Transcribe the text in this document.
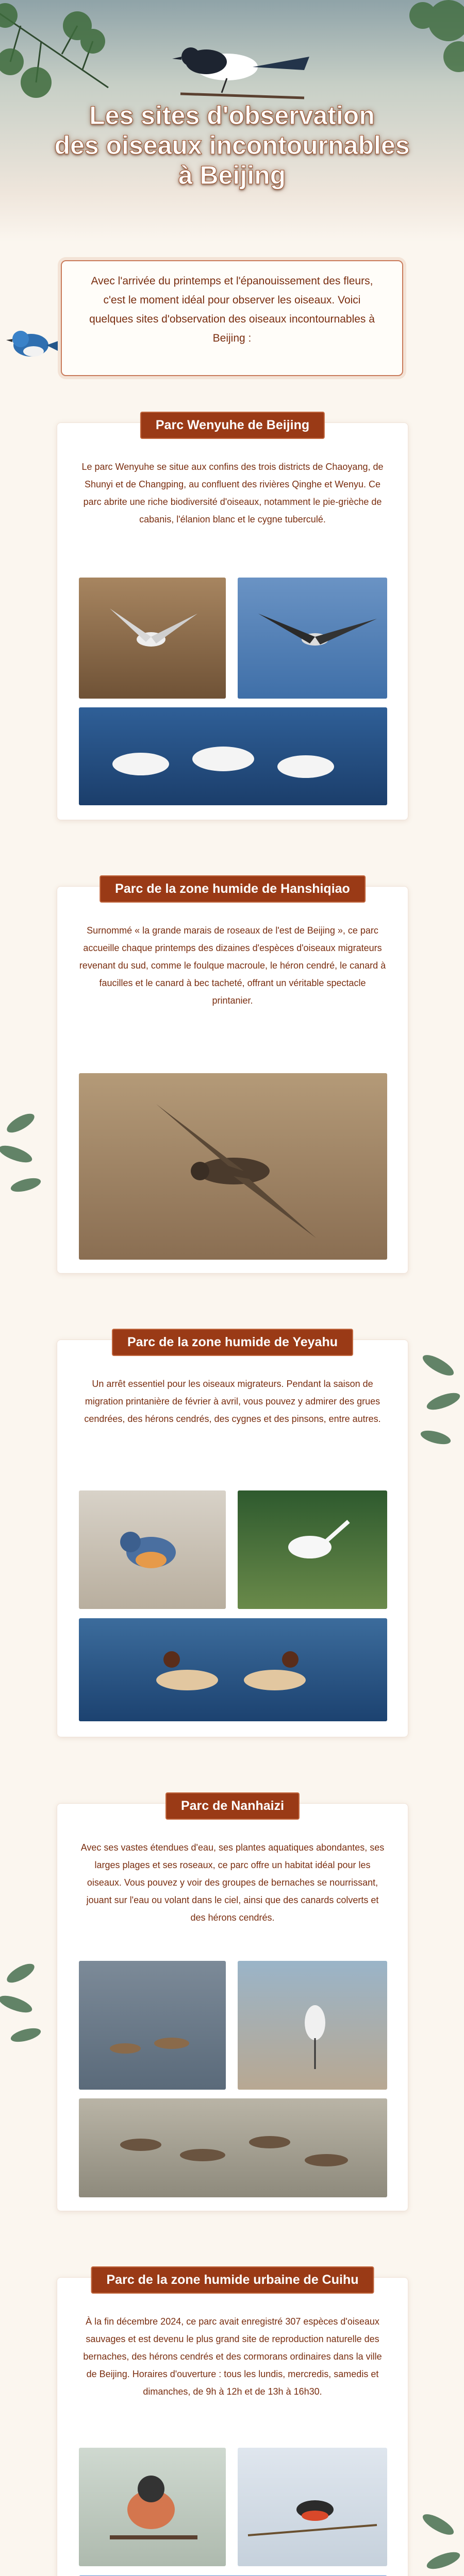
Les sites d'observation
des oiseaux incontournables
à Beijing
Avec l'arrivée du printemps et l'épanouissement des fleurs, c'est le moment idéal pour observer les oiseaux. Voici quelques sites d'observation des oiseaux incontournables à Beijing :
Parc Wenyuhe de Beijing
Le parc Wenyuhe se situe aux confins des trois districts de Chaoyang, de Shunyi et de Changping, au confluent des rivières Qinghe et Wenyu. Ce parc abrite une riche biodiversité d'oiseaux, notamment le pie-grièche de cabanis, l'élanion blanc et le cygne tuberculé.
Parc de la zone humide de Hanshiqiao
Surnommé « la grande marais de roseaux de l'est de Beijing », ce parc accueille chaque printemps des dizaines d'espèces d'oiseaux migrateurs revenant du sud, comme le foulque macroule, le héron cendré, le canard à faucilles et le canard à bec tacheté, offrant un véritable spectacle printanier.
Parc de la zone humide de Yeyahu
Un arrêt essentiel pour les oiseaux migrateurs. Pendant la saison de migration printanière de février à avril, vous pouvez y admirer des grues cendrées, des hérons cendrés, des cygnes et des pinsons, entre autres.
Parc de Nanhaizi
Avec ses vastes étendues d'eau, ses plantes aquatiques abondantes, ses larges plages et ses roseaux, ce parc offre un habitat idéal pour les oiseaux. Vous pouvez y voir des groupes de bernaches se nourrissant, jouant sur l'eau ou volant dans le ciel, ainsi que des canards colverts et des hérons cendrés.
Parc de la zone humide urbaine de Cuihu
À la fin décembre 2024, ce parc avait enregistré 307 espèces d'oiseaux sauvages et est devenu le plus grand site de reproduction naturelle des bernaches, des hérons cendrés et des cormorans ordinaires dans la ville de Beijing. Horaires d'ouverture : tous les lundis, mercredis, samedis et dimanches, de 9h à 12h et de 13h à 16h30.
